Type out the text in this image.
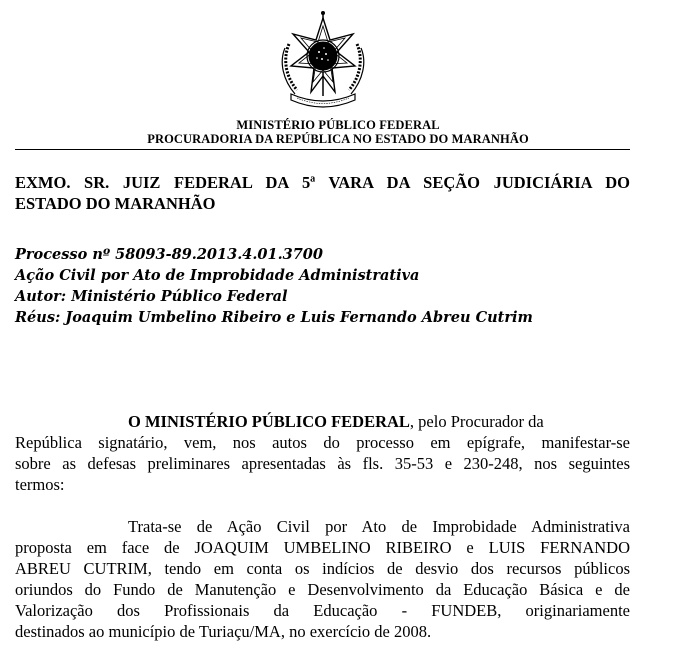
MINISTÉRIO PÚBLICO FEDERAL
PROCURADORIA DA REPÚBLICA NO ESTADO DO MARANHÃO
EXMO. SR. JUIZ FEDERAL DA 5ª VARA DA SEÇÃO JUDICIÁRIA DO
ESTADO DO MARANHÃO
Processo nº 58093-89.2013.4.01.3700
Ação Civil por Ato de Improbidade Administrativa
Autor: Ministério Público Federal
Réus: Joaquim Umbelino Ribeiro e Luis Fernando Abreu Cutrim
O MINISTÉRIO PÚBLICO FEDERAL, pelo Procurador da
República signatário, vem, nos autos do processo em epígrafe, manifestar-se
sobre as defesas preliminares apresentadas às fls. 35-53 e 230-248, nos seguintes
termos:
Trata-se de Ação Civil por Ato de Improbidade Administrativa
proposta em face de JOAQUIM UMBELINO RIBEIRO e LUIS FERNANDO
ABREU CUTRIM, tendo em conta os indícios de desvio dos recursos públicos
oriundos do Fundo de Manutenção e Desenvolvimento da Educação Básica e de
Valorização dos Profissionais da Educação - FUNDEB, originariamente
destinados ao município de Turiaçu/MA, no exercício de 2008.
